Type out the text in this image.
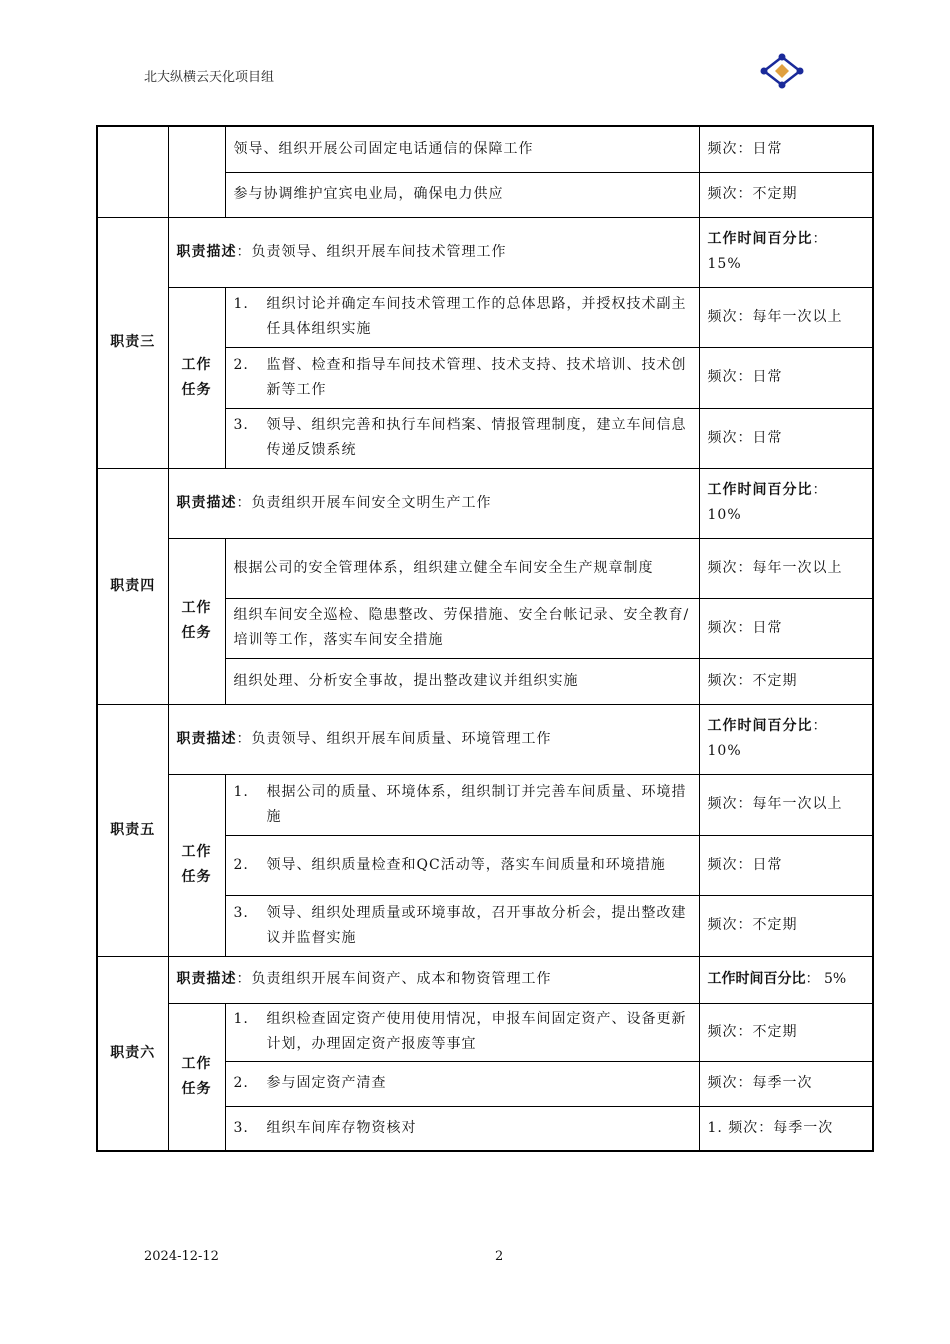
北大纵横云天化项目组
		领导、组织开展公司固定电话通信的保障工作	频次：日常
		参与协调维护宜宾电业局，确保电力供应	频次：不定期
职责三	职责描述：负责领导、组织开展车间技术管理工作		工作时间百分比：
15%
	工作任务	1. 组织讨论并确定车间技术管理工作的总体思路，并授权技术副主任具体组织实施	频次：每年一次以上

		2. 监督、检查和指导车间技术管理、技术支持、技术培训、技术创新等工作	频次：日常

		3. 领导、组织完善和执行车间档案、情报管理制度，建立车间信息传递反馈系统	频次：日常
职责四	职责描述：负责组织开展车间安全文明生产工作		工作时间百分比：
10%
	工作任务	根据公司的安全管理体系，组织建立健全车间安全生产规章制度	频次：每年一次以上

		组织车间安全巡检、隐患整改、劳保措施、安全台帐记录、安全教育/培训等工作，落实车间安全措施	频次：日常

		组织处理、分析安全事故，提出整改建议并组织实施	频次：不定期
职责五	职责描述：负责领导、组织开展车间质量、环境管理工作		工作时间百分比：
10%
	工作任务	1. 根据公司的质量、环境体系，组织制订并完善车间质量、环境措施	频次：每年一次以上

		2. 领导、组织质量检查和QC活动等，落实车间质量和环境措施	频次：日常

		3. 领导、组织处理质量或环境事故，召开事故分析会，提出整改建议并监督实施	频次：不定期
职责六	职责描述：负责组织开展车间资产、成本和物资管理工作		工作时间百分比： 5%
	工作任务	1. 组织检查固定资产使用使用情况，申报车间固定资产、设备更新计划，办理固定资产报废等事宜	频次：不定期

		2. 参与固定资产清查	频次：每季一次

		3. 组织车间库存物资核对	1. 频次：每季一次
2024-12-12	2
